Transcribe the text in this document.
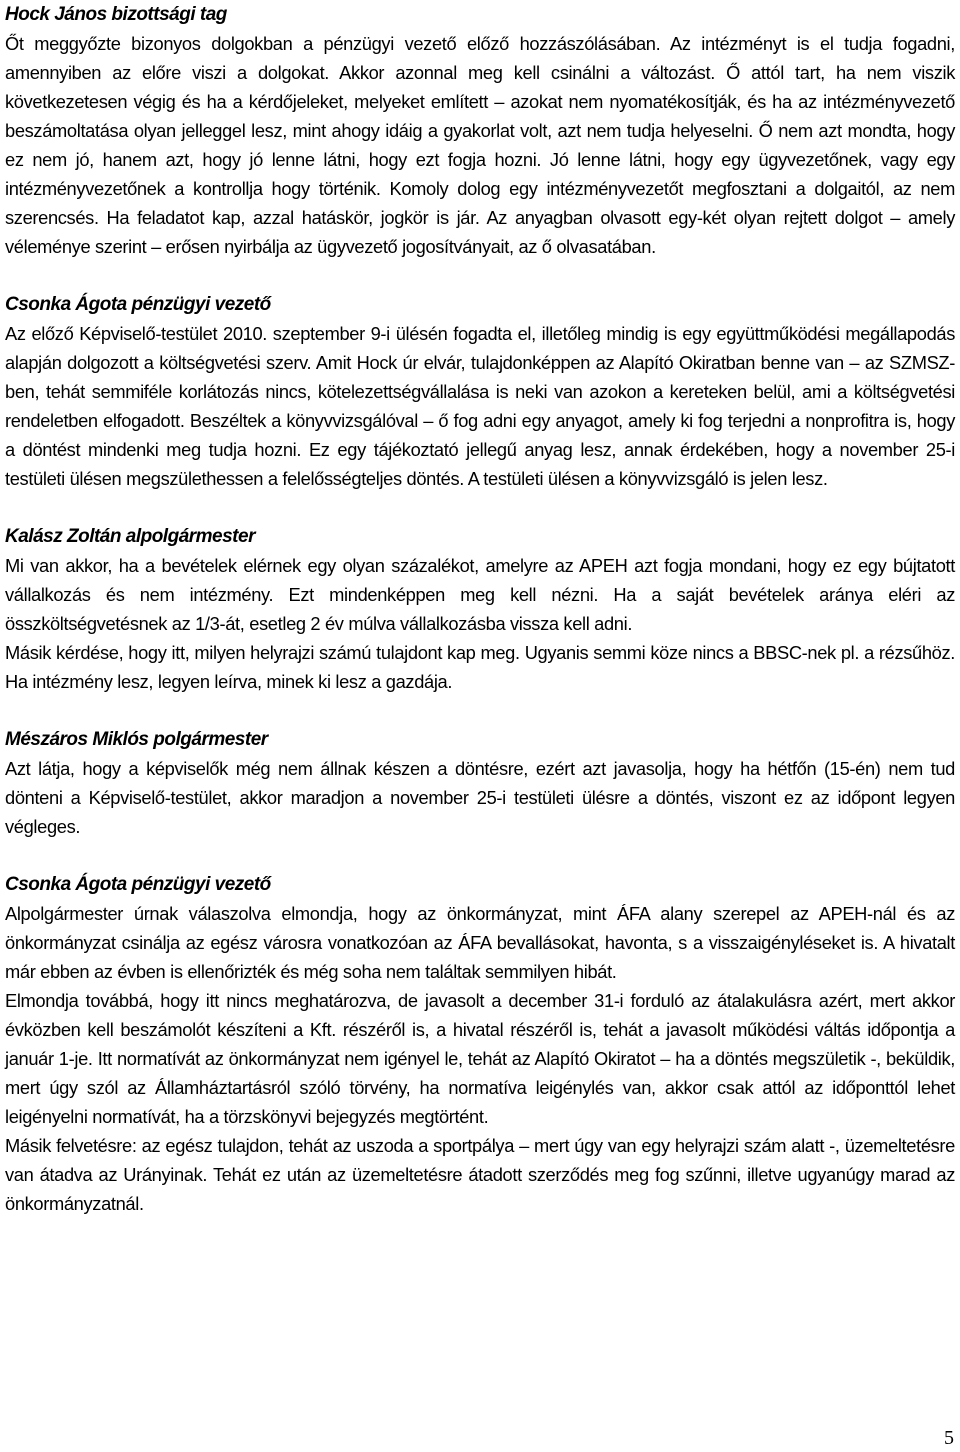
Hock János bizottsági tag

Őt meggyőzte bizonyos dolgokban a pénzügyi vezető előző hozzászólásában. Az intézményt is el tudja fogadni, amennyiben az előre viszi a dolgokat. Akkor azonnal meg kell csinálni a változást. Ő attól tart, ha nem viszik következetesen végig és ha a kérdőjeleket, melyeket említett – azokat nem nyomatékosítják, és ha az intézményvezető beszámoltatása olyan jelleggel lesz, mint ahogy idáig a gyakorlat volt, azt nem tudja helyeselni. Ő nem azt mondta, hogy ez nem jó, hanem azt, hogy jó lenne látni, hogy ezt fogja hozni. Jó lenne látni, hogy egy ügyvezetőnek, vagy egy intézményvezetőnek a kontrollja hogy történik. Komoly dolog egy intézményvezetőt megfosztani a dolgaitól, az nem szerencsés. Ha feladatot kap, azzal hatáskör, jogkör is jár. Az anyagban olvasott egy-két olyan rejtett dolgot – amely véleménye szerint – erősen nyirbálja az ügyvezető jogosítványait, az ő olvasatában.

Csonka Ágota pénzügyi vezető

Az előző Képviselő-testület 2010. szeptember 9-i ülésén fogadta el, illetőleg mindig is egy együttműködési megállapodás alapján dolgozott a költségvetési szerv. Amit Hock úr elvár, tulajdonképpen az Alapító Okiratban benne van – az SZMSZ-ben, tehát semmiféle korlátozás nincs, kötelezettségvállalása is neki van azokon a kereteken belül, ami a költségvetési rendeletben elfogadott. Beszéltek a könyvvizsgálóval – ő fog adni egy anyagot, amely ki fog terjedni a nonprofitra is, hogy a döntést mindenki meg tudja hozni. Ez egy tájékoztató jellegű anyag lesz, annak érdekében, hogy a november 25-i testületi ülésen megszülethessen a felelősségteljes döntés. A testületi ülésen a könyvvizsgáló is jelen lesz.

Kalász Zoltán alpolgármester

Mi van akkor, ha a bevételek elérnek egy olyan százalékot, amelyre az APEH azt fogja mondani, hogy ez egy bújtatott vállalkozás és nem intézmény. Ezt mindenképpen meg kell nézni. Ha a saját bevételek aránya eléri az összköltségvetésnek az 1/3-át, esetleg 2 év múlva vállalkozásba vissza kell adni.

Másik kérdése, hogy itt, milyen helyrajzi számú tulajdont kap meg. Ugyanis semmi köze nincs a BBSC-nek pl. a rézsűhöz. Ha intézmény lesz, legyen leírva, minek ki lesz a gazdája.

Mészáros Miklós polgármester

Azt látja, hogy a képviselők még nem állnak készen a döntésre, ezért azt javasolja, hogy ha hétfőn (15-én) nem tud dönteni a Képviselő-testület, akkor maradjon a november 25-i testületi ülésre a döntés, viszont ez az időpont legyen végleges.

Csonka Ágota pénzügyi vezető

Alpolgármester úrnak válaszolva elmondja, hogy az önkormányzat, mint ÁFA alany szerepel az APEH-nál és az önkormányzat csinálja az egész városra vonatkozóan az ÁFA bevallásokat, havonta, s a visszaigényléseket is. A hivatalt már ebben az évben is ellenőrizték és még soha nem találtak semmilyen hibát.

Elmondja továbbá, hogy itt nincs meghatározva, de javasolt a december 31-i forduló az átalakulásra azért, mert akkor évközben kell beszámolót készíteni a Kft. részéről is, a hivatal részéről is, tehát a javasolt működési váltás időpontja a január 1-je. Itt normatívát az önkormányzat nem igényel le, tehát az Alapító Okiratot – ha a döntés megszületik -, beküldik, mert úgy szól az Államháztartásról szóló törvény, ha normatíva leigénylés van, akkor csak attól az időponttól lehet leigényelni normatívát, ha a törzskönyvi bejegyzés megtörtént.

Másik felvetésre: az egész tulajdon, tehát az uszoda a sportpálya – mert úgy van egy helyrajzi szám alatt -, üzemeltetésre van átadva az Urányinak. Tehát ez után az üzemeltetésre átadott szerződés meg fog szűnni, illetve ugyanúgy marad az önkormányzatnál.

5
